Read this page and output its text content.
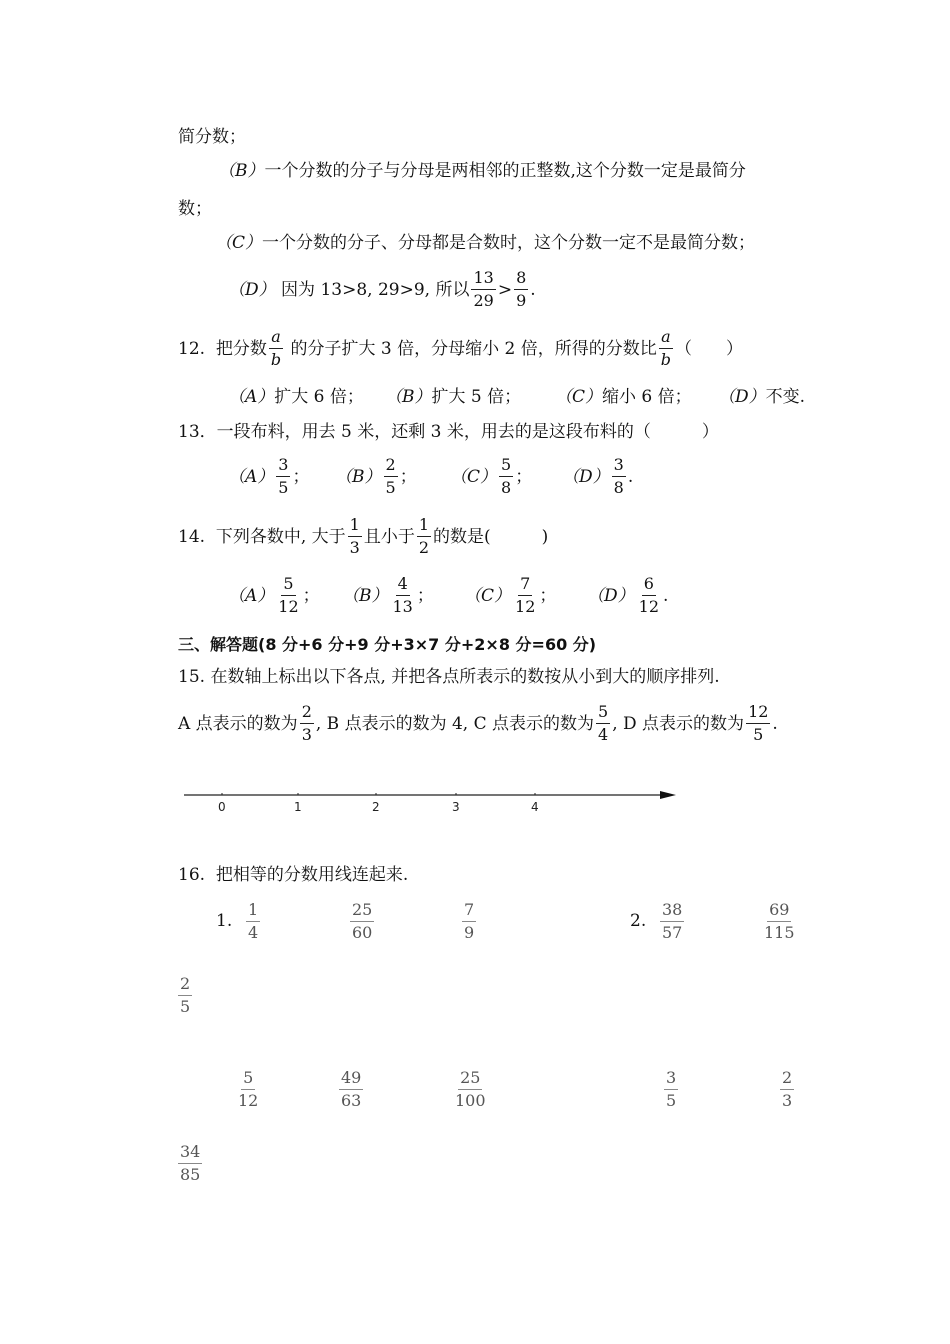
简分数；
（B）一个分数的分子与分母是两相邻的正整数,这个分数一定是最简分
数；
（C）一个分数的分子、分母都是合数时，这个分数一定不是最简分数；
（D）
因为 13>8, 29>9, 所以 $\frac{13}{29} > \frac{8}{9}$ .
12.
把分数 $\frac{a}{b}$
的分子扩大 3 倍，分母缩小 2 倍，所得的分数比 $\frac{a}{b}$ （　　）
（A）扩大 6 倍； （B）扩大 5 倍； （C）缩小 6 倍； （D）不变.
13．一段布料，用去 5 米，还剩 3 米，用去的是这段布料的（　　　）
$(A) \frac{3}{5}$ ； $(B) \frac{2}{5}$ ； $(C) \frac{5}{8}$ ； $(D) \frac{3}{8}$ .
14.
下列各数中, 大于 $\frac{1}{3}$ 且小于 $\frac{1}{2}$ 的数是(　　　)
$(A) \frac{5}{12}$ ； $(B) \frac{4}{13}$ ； $(C) \frac{7}{12}$ ； $(D) \frac{6}{12}$ .
三、解答题(8 分+6 分+9 分+3×7 分+2×8 分=60 分)
15. 在数轴上标出以下各点, 并把各点所表示的数按从小到大的顺序排列.
A 点表示的数为 $\frac{2}{3}$ , B 点表示的数为 4, C 点表示的数为 $\frac{5}{4}$ , D 点表示的数为 $\frac{12}{5}$ .
0	1	2	3	4
16. 把相等的分数用线连起来.
1.	2.
$\frac{1}{4}$	$\frac{25}{60}$	$\frac{7}{9}$	$\frac{38}{57}$	$\frac{69}{115}$
$\frac{2}{5}$
$\frac{5}{12}$	$\frac{49}{63}$	$\frac{25}{100}$	$\frac{3}{5}$	$\frac{2}{3}$
$\frac{34}{85}$
